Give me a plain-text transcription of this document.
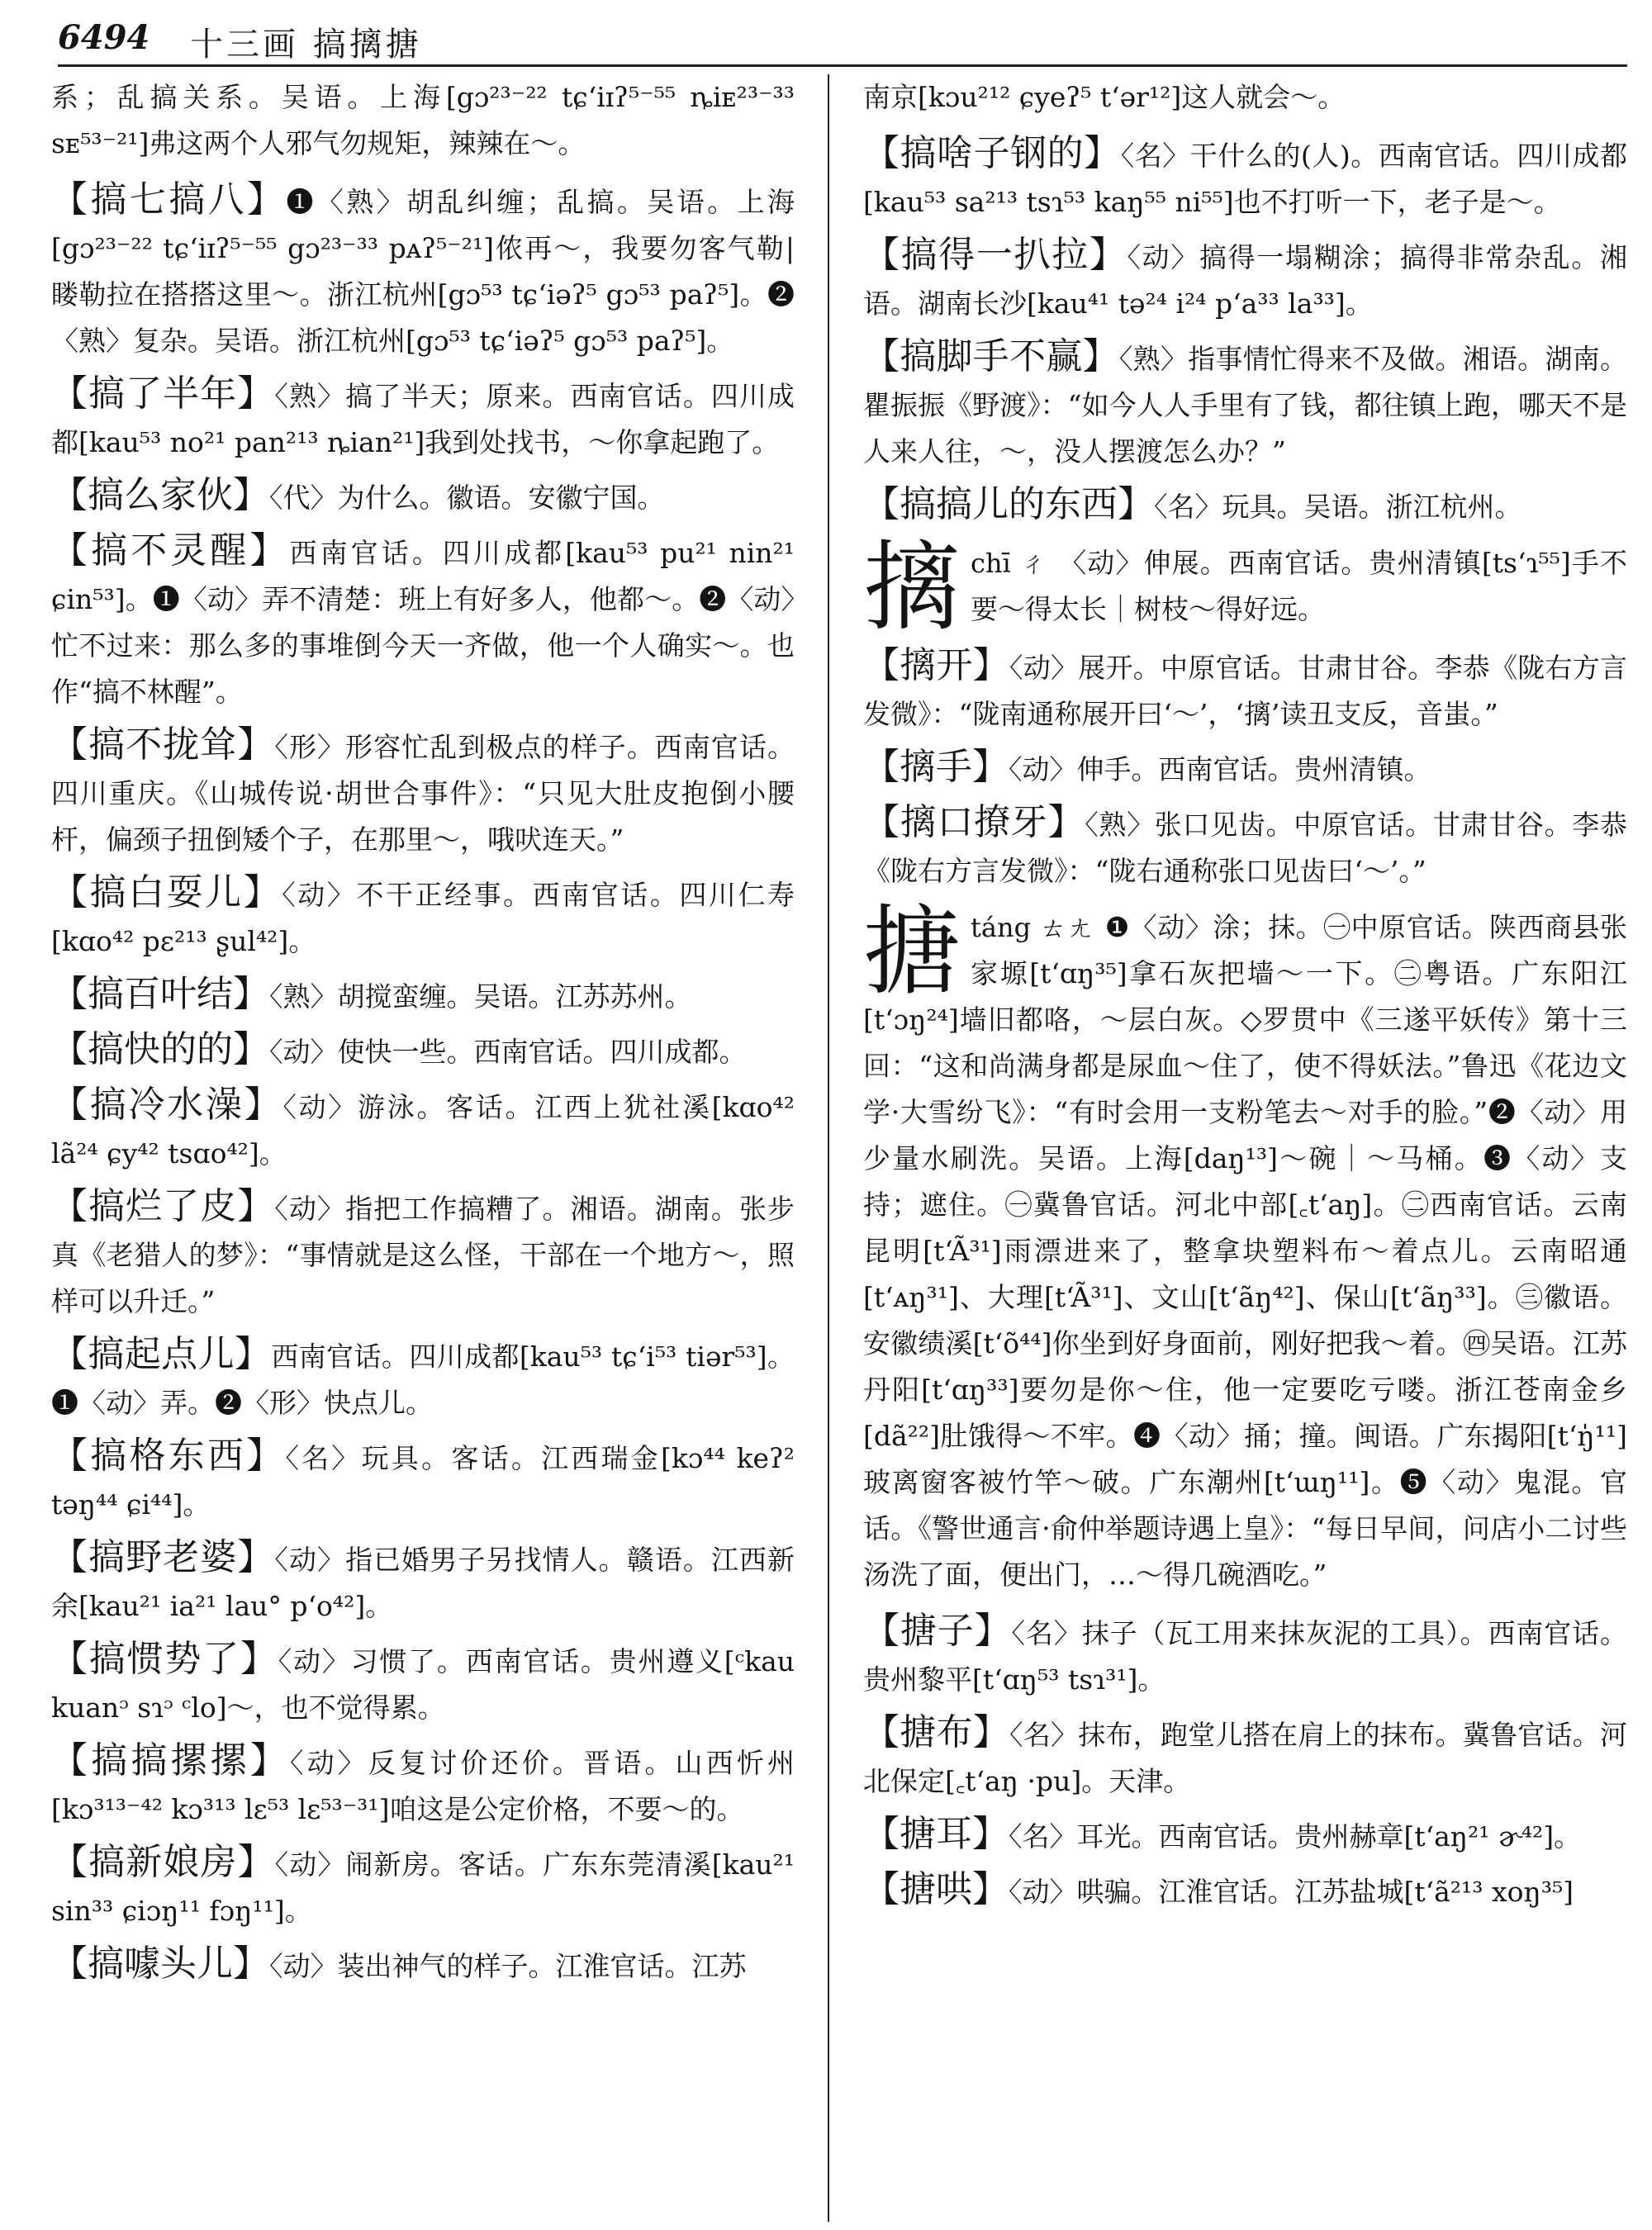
6494 十三画 搞摛搪
系；乱搞关系。吴语。上海[gɔ²³⁻²² tɕʻiɪʔ⁵⁻⁵⁵ ȵiᴇ²³⁻³³ sᴇ⁵³⁻²¹]弗这两个人邪气勿规矩，辣辣在～。
【搞七搞八】❶〈熟〉胡乱纠缠；乱搞。吴语。上海[gɔ²³⁻²² tɕʻiɪʔ⁵⁻⁵⁵ gɔ²³⁻³³ pᴀʔ⁵⁻²¹]侬再～，我要勿客气勒|䁖勒拉在搭搭这里～。浙江杭州[gɔ⁵³ tɕʻiəʔ⁵ gɔ⁵³ paʔ⁵]。❷〈熟〉复杂。吴语。浙江杭州[gɔ⁵³ tɕʻiəʔ⁵ gɔ⁵³ paʔ⁵]。
【搞了半年】〈熟〉搞了半天；原来。西南官话。四川成都[kau⁵³ no²¹ pan²¹³ ȵian²¹]我到处找书，～你拿起跑了。
【搞么家伙】〈代〉为什么。徽语。安徽宁国。
【搞不灵醒】西南官话。四川成都[kau⁵³ pu²¹ nin²¹ ɕin⁵³]。❶〈动〉弄不清楚：班上有好多人，他都～。❷〈动〉忙不过来：那么多的事堆倒今天一齐做，他一个人确实～。也作“搞不林醒”。
【搞不拢耸】〈形〉形容忙乱到极点的样子。西南官话。四川重庆。《山城传说·胡世合事件》：“只见大肚皮抱倒小腰杆，偏颈子扭倒矮个子，在那里～，哦吠连天。”
【搞白耍儿】〈动〉不干正经事。西南官话。四川仁寿[kɑo⁴² pɛ²¹³ ʂul⁴²]。
【搞百叶结】〈熟〉胡搅蛮缠。吴语。江苏苏州。
【搞快的的】〈动〉使快一些。西南官话。四川成都。
【搞冷水澡】〈动〉游泳。客话。江西上犹社溪[kɑo⁴² lã²⁴ ɕy⁴² tsɑo⁴²]。
【搞烂了皮】〈动〉指把工作搞糟了。湘语。湖南。张步真《老猎人的梦》：“事情就是这么怪，干部在一个地方～，照样可以升迁。”
【搞起点儿】西南官话。四川成都[kau⁵³ tɕʻi⁵³ tiər⁵³]。❶〈动〉弄。❷〈形〉快点儿。
【搞格东西】〈名〉玩具。客话。江西瑞金[kɔ⁴⁴ keʔ² təŋ⁴⁴ ɕi⁴⁴]。
【搞野老婆】〈动〉指已婚男子另找情人。赣语。江西新余[kau²¹ ia²¹ lau° pʻo⁴²]。
【搞惯势了】〈动〉习惯了。西南官话。贵州遵义[ᶜkau kuanᵓ sɿᵓ ᶜlo]～，也不觉得累。
【搞搞摞摞】〈动〉反复讨价还价。晋语。山西忻州[kɔ³¹³⁻⁴² kɔ³¹³ lɛ⁵³ lɛ⁵³⁻³¹]咱这是公定价格，不要～的。
【搞新娘房】〈动〉闹新房。客话。广东东莞清溪[kau²¹ sin³³ ɕiɔŋ¹¹ fɔŋ¹¹]。
【搞噱头儿】〈动〉装出神气的样子。江淮官话。江苏
南京[kɔu²¹² ɕyeʔ⁵ tʻər¹²]这人就会～。
【搞啥子钢的】〈名〉干什么的(人)。西南官话。四川成都[kau⁵³ sa²¹³ tsɿ⁵³ kaŋ⁵⁵ ni⁵⁵]也不打听一下，老子是～。
【搞得一扒拉】〈动〉搞得一塌糊涂；搞得非常杂乱。湘语。湖南长沙[kau⁴¹ tə²⁴ i²⁴ pʻa³³ la³³]。
【搞脚手不赢】〈熟〉指事情忙得来不及做。湘语。湖南。瞿振振《野渡》：“如今人人手里有了钱，都往镇上跑，哪天不是人来人往，～，没人摆渡怎么办？”
【搞搞儿的东西】〈名〉玩具。吴语。浙江杭州。
摛 chī ㄔ 〈动〉伸展。西南官话。贵州清镇[tsʻɿ⁵⁵]手不要～得太长｜树枝～得好远。
【摛开】〈动〉展开。中原官话。甘肃甘谷。李恭《陇右方言发微》：“陇南通称展开曰‘～’，‘摛’读丑支反，音蚩。”
【摛手】〈动〉伸手。西南官话。贵州清镇。
【摛口撩牙】〈熟〉张口见齿。中原官话。甘肃甘谷。李恭《陇右方言发微》：“陇右通称张口见齿曰‘～’。”
搪 táng ㄊㄤ ❶〈动〉涂；抹。㊀中原官话。陕西商县张家塬[tʻɑŋ³⁵]拿石灰把墙～一下。㊁粤语。广东阳江[tʻɔŋ²⁴]墙旧都咯，～层白灰。◇罗贯中《三遂平妖传》第十三回：“这和尚满身都是尿血～住了，使不得妖法。”鲁迅《花边文学·大雪纷飞》：“有时会用一支粉笔去～对手的脸。”❷〈动〉用少量水刷洗。吴语。上海[daŋ¹³]～碗｜～马桶。❸〈动〉支持；遮住。㊀冀鲁官话。河北中部[꜀tʻaŋ]。㊁西南官话。云南昆明[tʻÃ³¹]雨漂进来了，整拿块塑料布～着点儿。云南昭通[tʻᴀŋ³¹]、大理[tʻÃ³¹]、文山[tʻãŋ⁴²]、保山[tʻãŋ³³]。㊂徽语。安徽绩溪[tʻõ⁴⁴]你坐到好身面前，刚好把我～着。㊃吴语。江苏丹阳[tʻɑŋ³³]要勿是你～住，他一定要吃亏喽。浙江苍南金乡[dã²²]肚饿得～不牢。❹〈动〉捅；撞。闽语。广东揭阳[tʻŋ̍¹¹]玻离窗客被竹竿～破。广东潮州[tʻɯŋ¹¹]。❺〈动〉鬼混。官话。《警世通言·俞仲举题诗遇上皇》：“每日早间，问店小二讨些汤洗了面，便出门，…～得几碗酒吃。”
【搪子】〈名〉抹子（瓦工用来抹灰泥的工具）。西南官话。贵州黎平[tʻɑŋ⁵³ tsɿ³¹]。
【搪布】〈名〉抹布，跑堂儿搭在肩上的抹布。冀鲁官话。河北保定[꜀tʻaŋ ·pu]。天津。
【搪耳】〈名〉耳光。西南官话。贵州赫章[tʻaŋ²¹ ɚ⁴²]。
【搪哄】〈动〉哄骗。江淮官话。江苏盐城[tʻã²¹³ xoŋ³⁵]
